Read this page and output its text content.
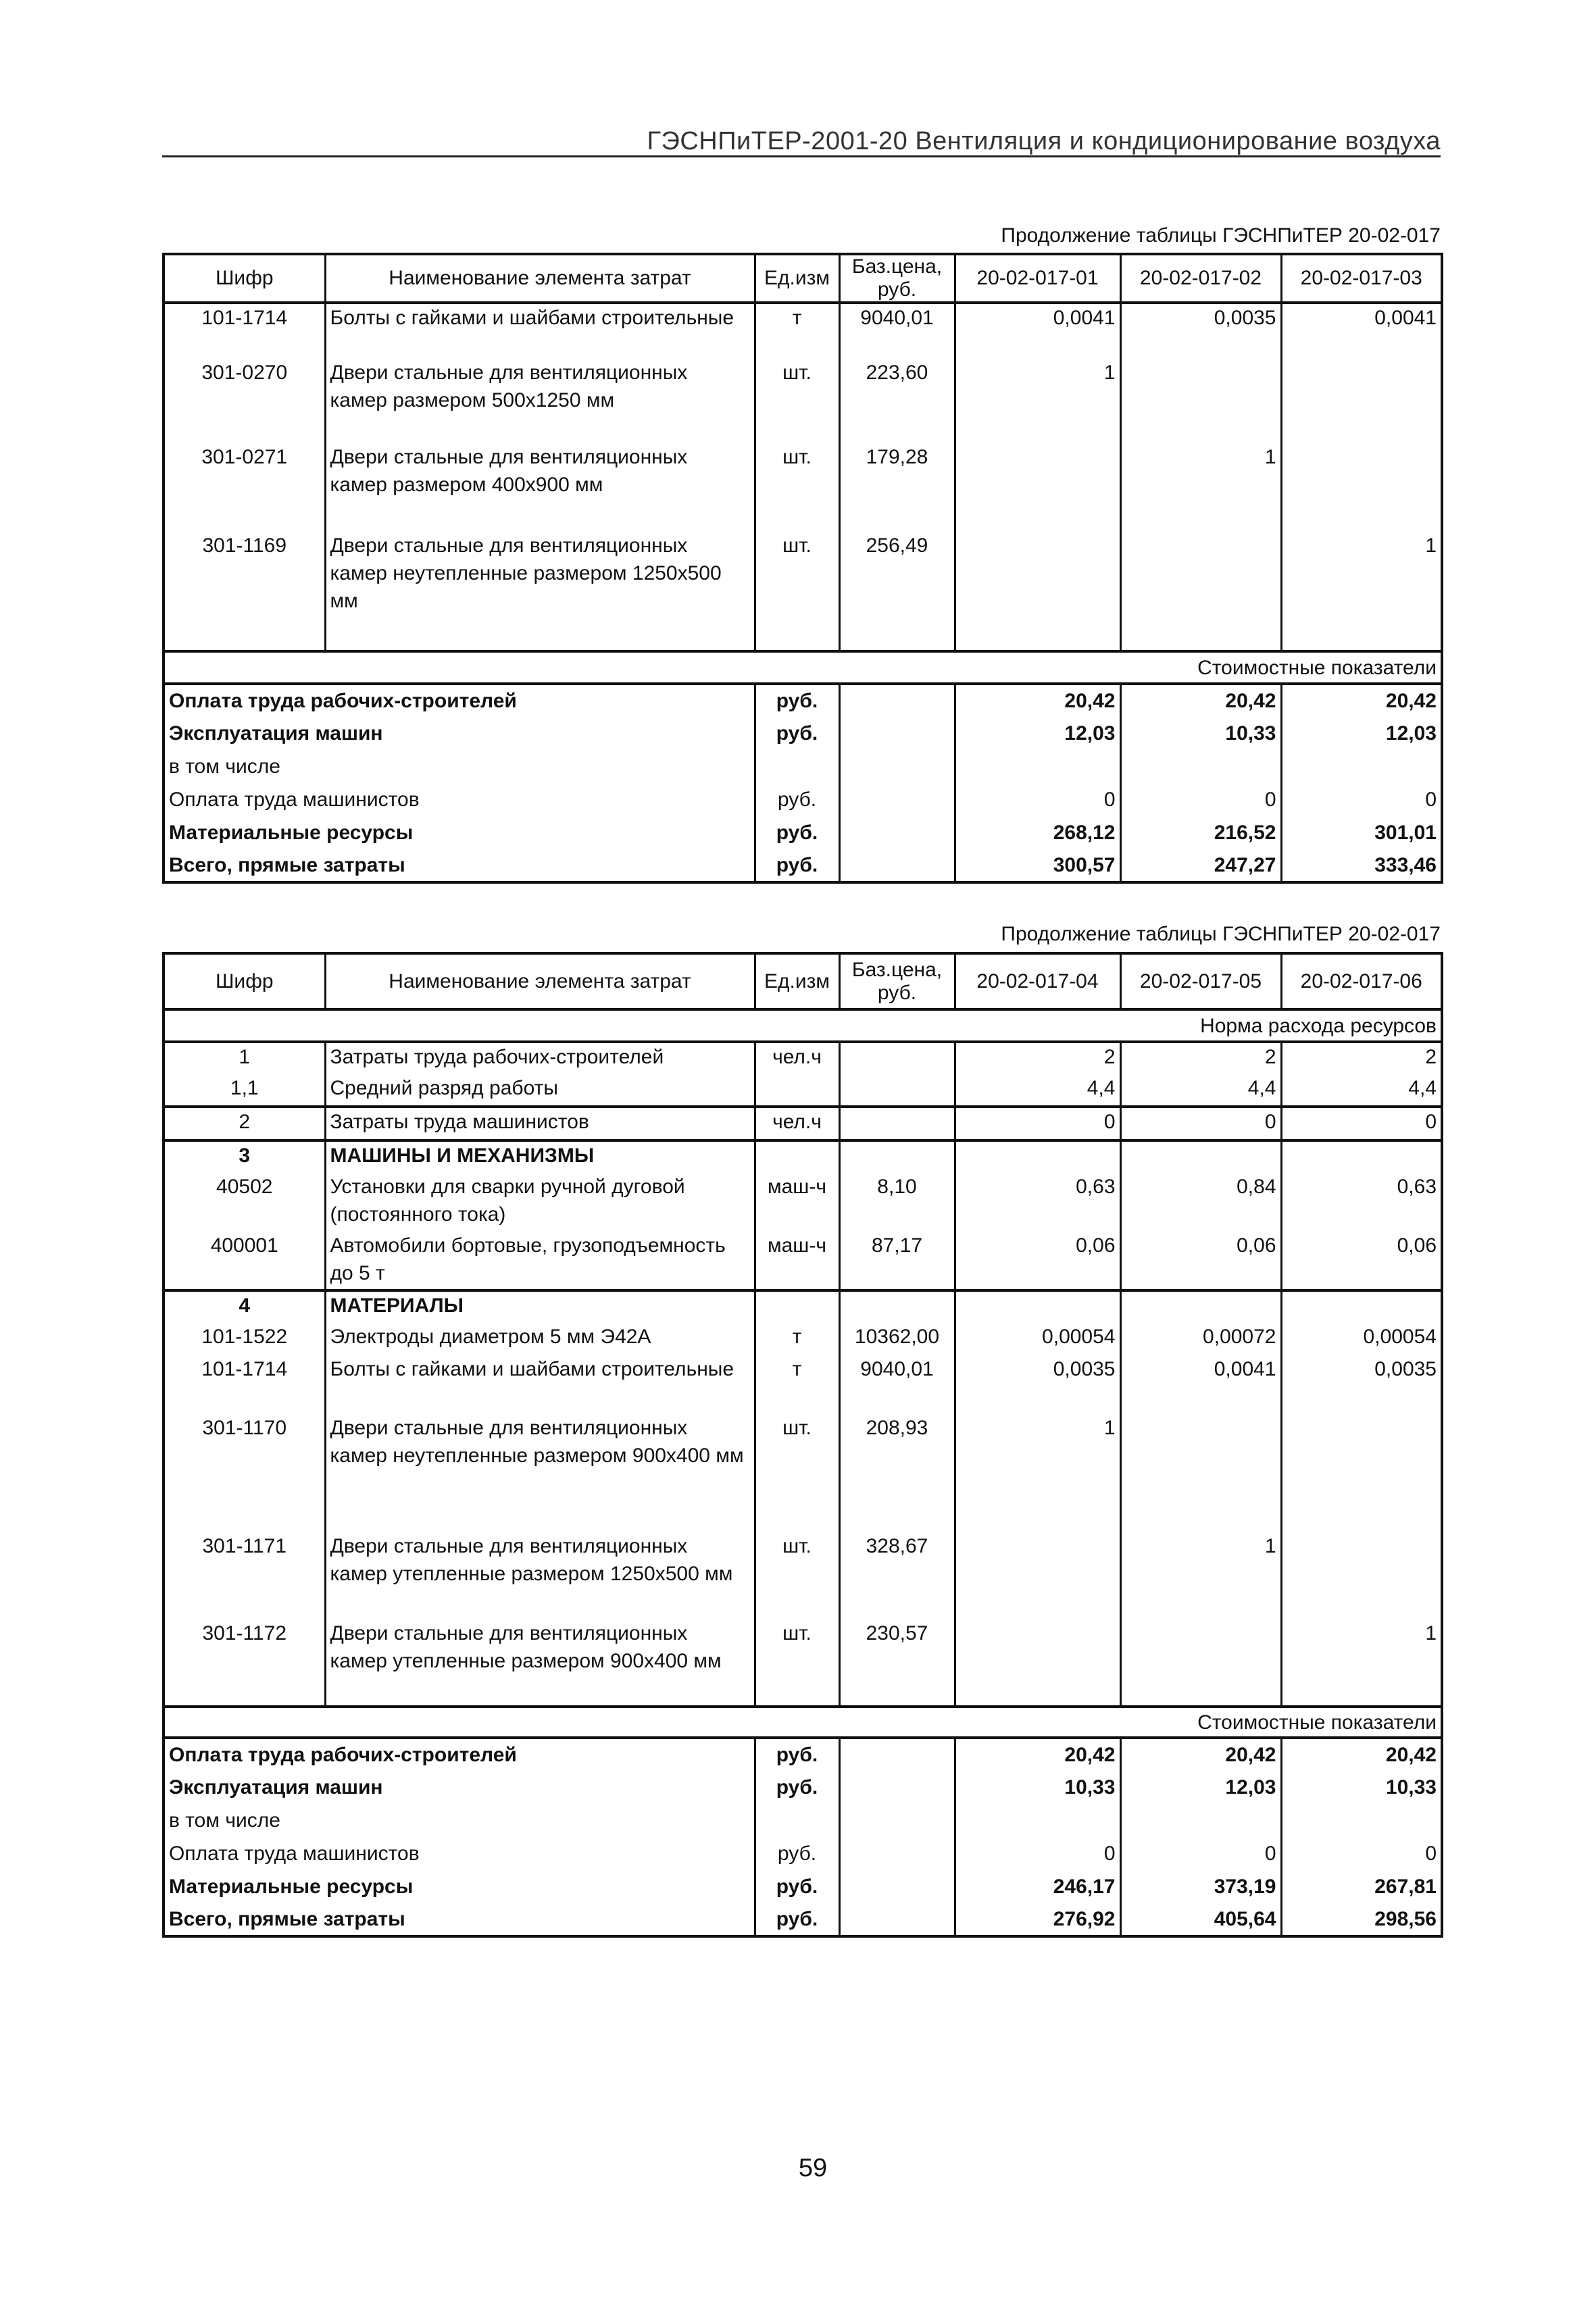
ГЭСНПиТЕР-2001-20 Вентиляция и кондиционирование воздуха
Продолжение таблицы ГЭСНПиТЕР 20-02-017
Шифр	Наименование элемента затрат	Ед.изм	Баз.цена, руб.	20-02-017-01	20-02-017-02	20-02-017-03
101-1714	Болты с гайками и шайбами строительные	т	9040,01	0,0041	0,0035	0,0041
301-0270	Двери стальные для вентиляционных камер размером 500х1250 мм	шт.	223,60	1		
301-0271	Двери стальные для вентиляционных камер размером 400х900 мм	шт.	179,28		1	
301-1169	Двери стальные для вентиляционных камер неутепленные размером 1250х500 мм	шт.	256,49			1
Стоимостные показатели						
Оплата труда рабочих-строителей		руб.		20,42	20,42	20,42
Эксплуатация машин		руб.		12,03	10,33	12,03
в том числе						
Оплата труда машинистов		руб.		0	0	0
Материальные ресурсы		руб.		268,12	216,52	301,01
Всего, прямые затраты		руб.		300,57	247,27	333,46
Продолжение таблицы ГЭСНПиТЕР 20-02-017
Шифр	Наименование элемента затрат	Ед.изм	Баз.цена, руб.	20-02-017-04	20-02-017-05	20-02-017-06
Норма расхода ресурсов						
1	Затраты труда рабочих-строителей	чел.ч		2	2	2
1,1	Средний разряд работы			4,4	4,4	4,4
2	Затраты труда машинистов	чел.ч		0	0	0
3	МАШИНЫ И МЕХАНИЗМЫ					
40502	Установки для сварки ручной дуговой (постоянного тока)	маш-ч	8,10	0,63	0,84	0,63
400001	Автомобили бортовые, грузоподъемность до 5 т	маш-ч	87,17	0,06	0,06	0,06
4	МАТЕРИАЛЫ					
101-1522	Электроды диаметром 5 мм Э42А	т	10362,00	0,00054	0,00072	0,00054
101-1714	Болты с гайками и шайбами строительные	т	9040,01	0,0035	0,0041	0,0035
301-1170	Двери стальные для вентиляционных камер неутепленные размером 900х400 мм	шт.	208,93	1		
301-1171	Двери стальные для вентиляционных камер утепленные размером 1250х500 мм	шт.	328,67		1	
301-1172	Двери стальные для вентиляционных камер утепленные размером 900х400 мм	шт.	230,57			1
Стоимостные показатели						
Оплата труда рабочих-строителей		руб.		20,42	20,42	20,42
Эксплуатация машин		руб.		10,33	12,03	10,33
в том числе						
Оплата труда машинистов		руб.		0	0	0
Материальные ресурсы		руб.		246,17	373,19	267,81
Всего, прямые затраты		руб.		276,92	405,64	298,56
59
